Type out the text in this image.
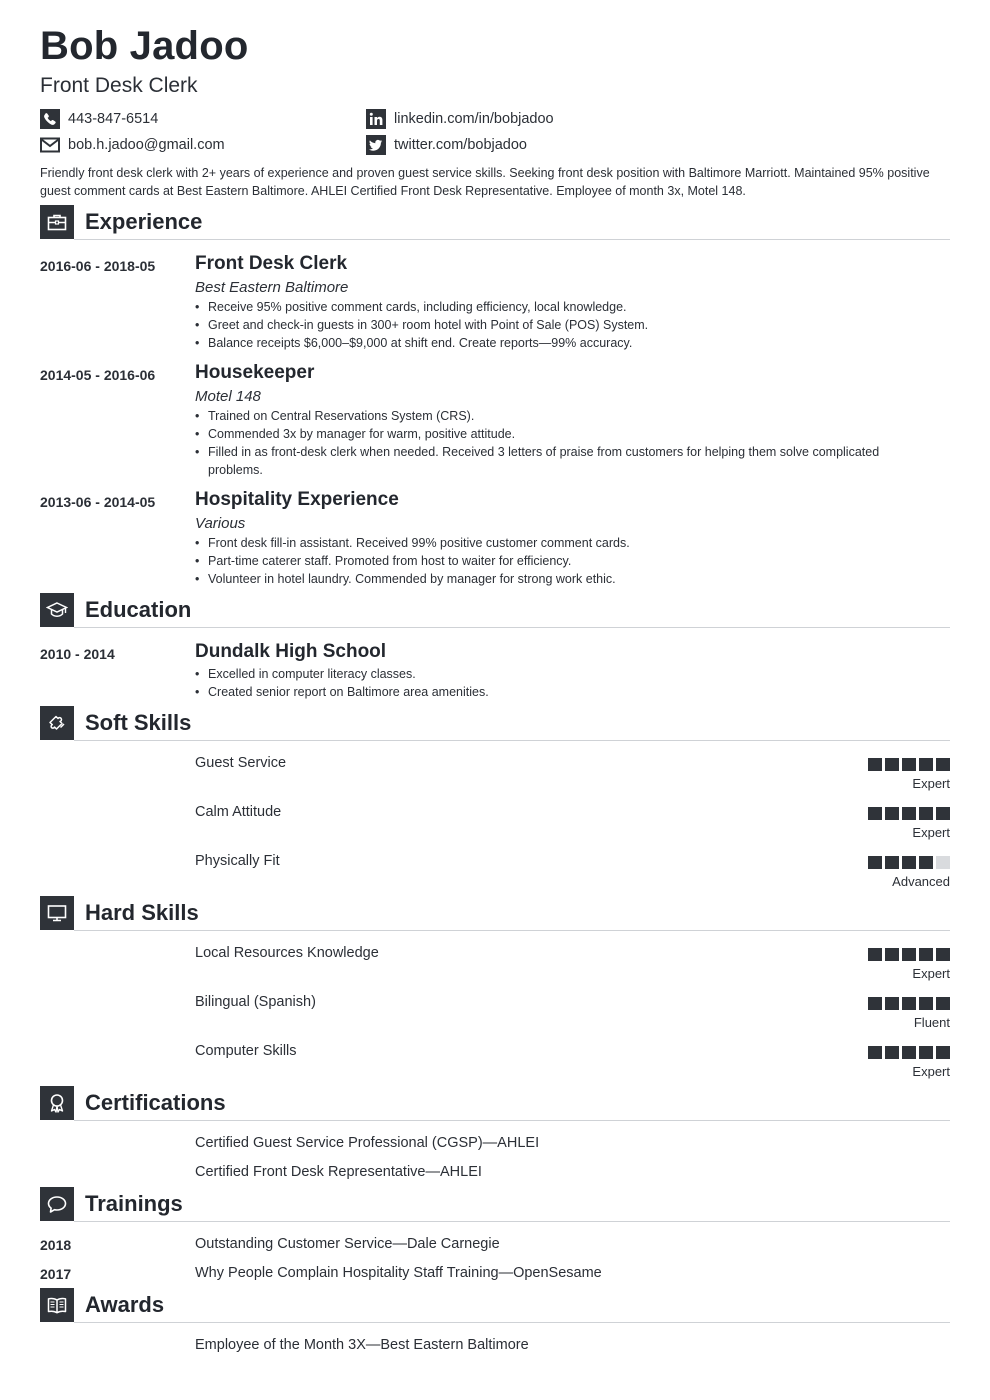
Bob Jadoo
Front Desk Clerk
443-847-6514
bob.h.jadoo@gmail.com
linkedin.com/in/bobjadoo
twitter.com/bobjadoo
Friendly front desk clerk with 2+ years of experience and proven guest service skills. Seeking front desk position with Baltimore Marriott. Maintained 95% positive guest comment cards at Best Eastern Baltimore. AHLEI Certified Front Desk Representative. Employee of month 3x, Motel 148.
Experience
2016-06 - 2018-05 Front Desk Clerk
Best Eastern Baltimore
• Receive 95% positive comment cards, including efficiency, local knowledge.
• Greet and check-in guests in 300+ room hotel with Point of Sale (POS) System.
• Balance receipts $6,000–$9,000 at shift end. Create reports—99% accuracy.
2014-05 - 2016-06 Housekeeper
Motel 148
• Trained on Central Reservations System (CRS).
• Commended 3x by manager for warm, positive attitude.
• Filled in as front-desk clerk when needed. Received 3 letters of praise from customers for helping them solve complicated problems.
2013-06 - 2014-05 Hospitality Experience
Various
• Front desk fill-in assistant. Received 99% positive customer comment cards.
• Part-time caterer staff. Promoted from host to waiter for efficiency.
• Volunteer in hotel laundry. Commended by manager for strong work ethic.
Education
2010 - 2014	Dundalk High School
• Excelled in computer literacy classes.
• Created senior report on Baltimore area amenities.
Soft Skills
Guest Service
Expert
Calm Attitude
Expert
Physically Fit
Advanced
Hard Skills
Local Resources Knowledge
Expert
Bilingual (Spanish)
Fluent
Computer Skills
Expert
Certifications
Certified Guest Service Professional (CGSP)—AHLEI
Certified Front Desk Representative—AHLEI
Trainings
2018	Outstanding Customer Service—Dale Carnegie
2017	Why People Complain Hospitality Staff Training—OpenSesame
Awards
Employee of the Month 3X—Best Eastern Baltimore
